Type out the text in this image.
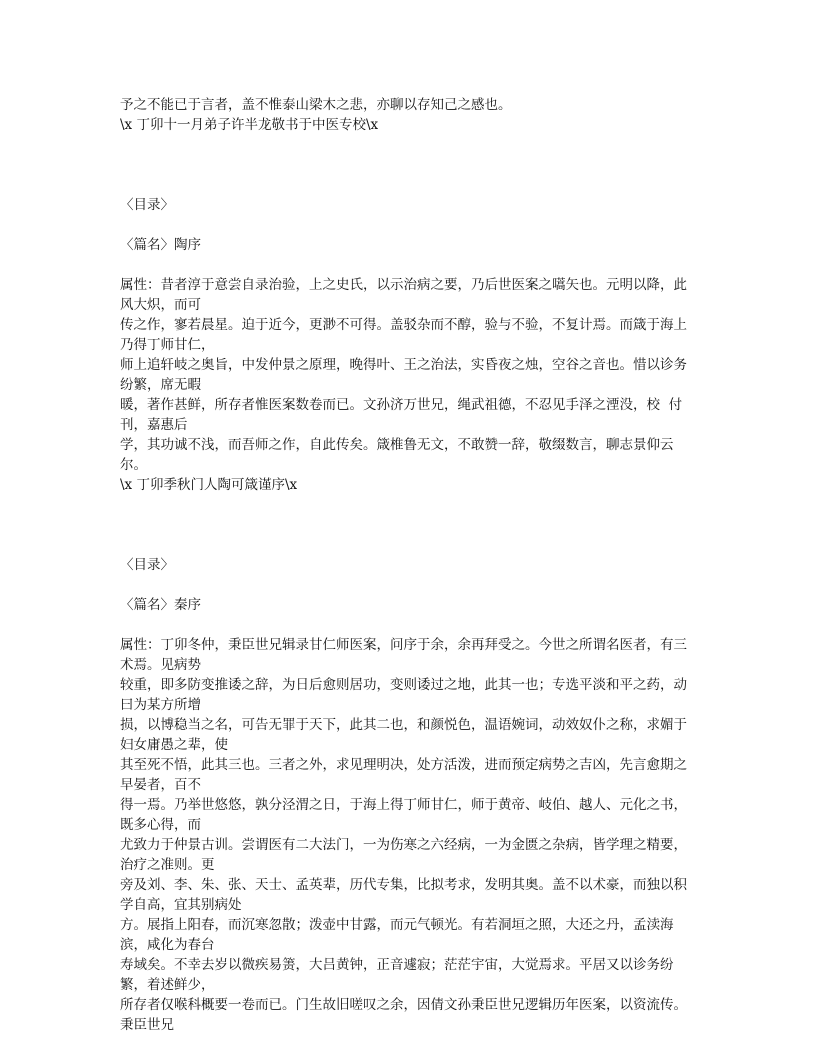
予之不能已于言者，盖不惟泰山梁木之悲，亦聊以存知己之感也。
\x 丁卯十一月弟子许半龙敬书于中医专校\x
〈目录〉
〈篇名〉陶序
属性：昔者淳于意尝自录治验，上之史氏，以示治病之要，乃后世医案之嚆矢也。元明以降，此风大炽，而可
传之作，寥若晨星。迫于近今，更渺不可得。盖驳杂而不醇，验与不验，不复计焉。而箴于海上乃得丁师甘仁，
师上追轩岐之奥旨，中发仲景之原理，晚得叶、王之治法，实昏夜之烛，空谷之音也。惜以诊务纷繁，席无暇
暖，著作甚鲜，所存者惟医案数卷而已。文孙济万世兄，绳武祖德，不忍见手泽之湮没，校  付刊，嘉惠后
学，其功诚不浅，而吾师之作，自此传矣。箴椎鲁无文，不敢赞一辞，敬缀数言，聊志景仰云尔。
\x 丁卯季秋门人陶可箴谨序\x
〈目录〉
〈篇名〉秦序
属性：丁卯冬仲，秉臣世兄辑录甘仁师医案，问序于余，余再拜受之。今世之所谓名医者，有三术焉。见病势
较重，即多防变推诿之辞，为日后愈则居功，变则诿过之地，此其一也；专选平淡和平之药，动曰为某方所增
损，以博稳当之名，可告无罪于天下，此其二也，和颜悦色，温语婉词，动效奴仆之称，求媚于妇女庸愚之辈，使
其至死不悟，此其三也。三者之外，求见理明决，处方活泼，进而预定病势之吉凶，先言愈期之早晏者，百不
得一焉。乃举世悠悠，孰分泾渭之日，于海上得丁师甘仁，师于黄帝、岐伯、越人、元化之书，既多心得，而
尤致力于仲景古训。尝谓医有二大法门，一为伤寒之六经病，一为金匮之杂病，皆学理之精要，治疗之准则。更
旁及刘、李、朱、张、天士、孟英辈，历代专集，比拟考求，发明其奥。盖不以术豪，而独以积学自高，宜其别病处
方。展指上阳春，而沉寒忽散；泼壶中甘露，而元气顿光。有若洞垣之照，大还之丹，孟渎海滨，咸化为春台
寿域矣。不幸去岁以微疾易箦，大吕黄钟，正音遽寂；茫茫宇宙，大觉焉求。平居又以诊务纷繁，着述鲜少，
所存者仅喉科概要一卷而已。门生故旧嗟叹之余，因倩文孙秉臣世兄逻辑历年医案，以资流传。秉臣世兄
